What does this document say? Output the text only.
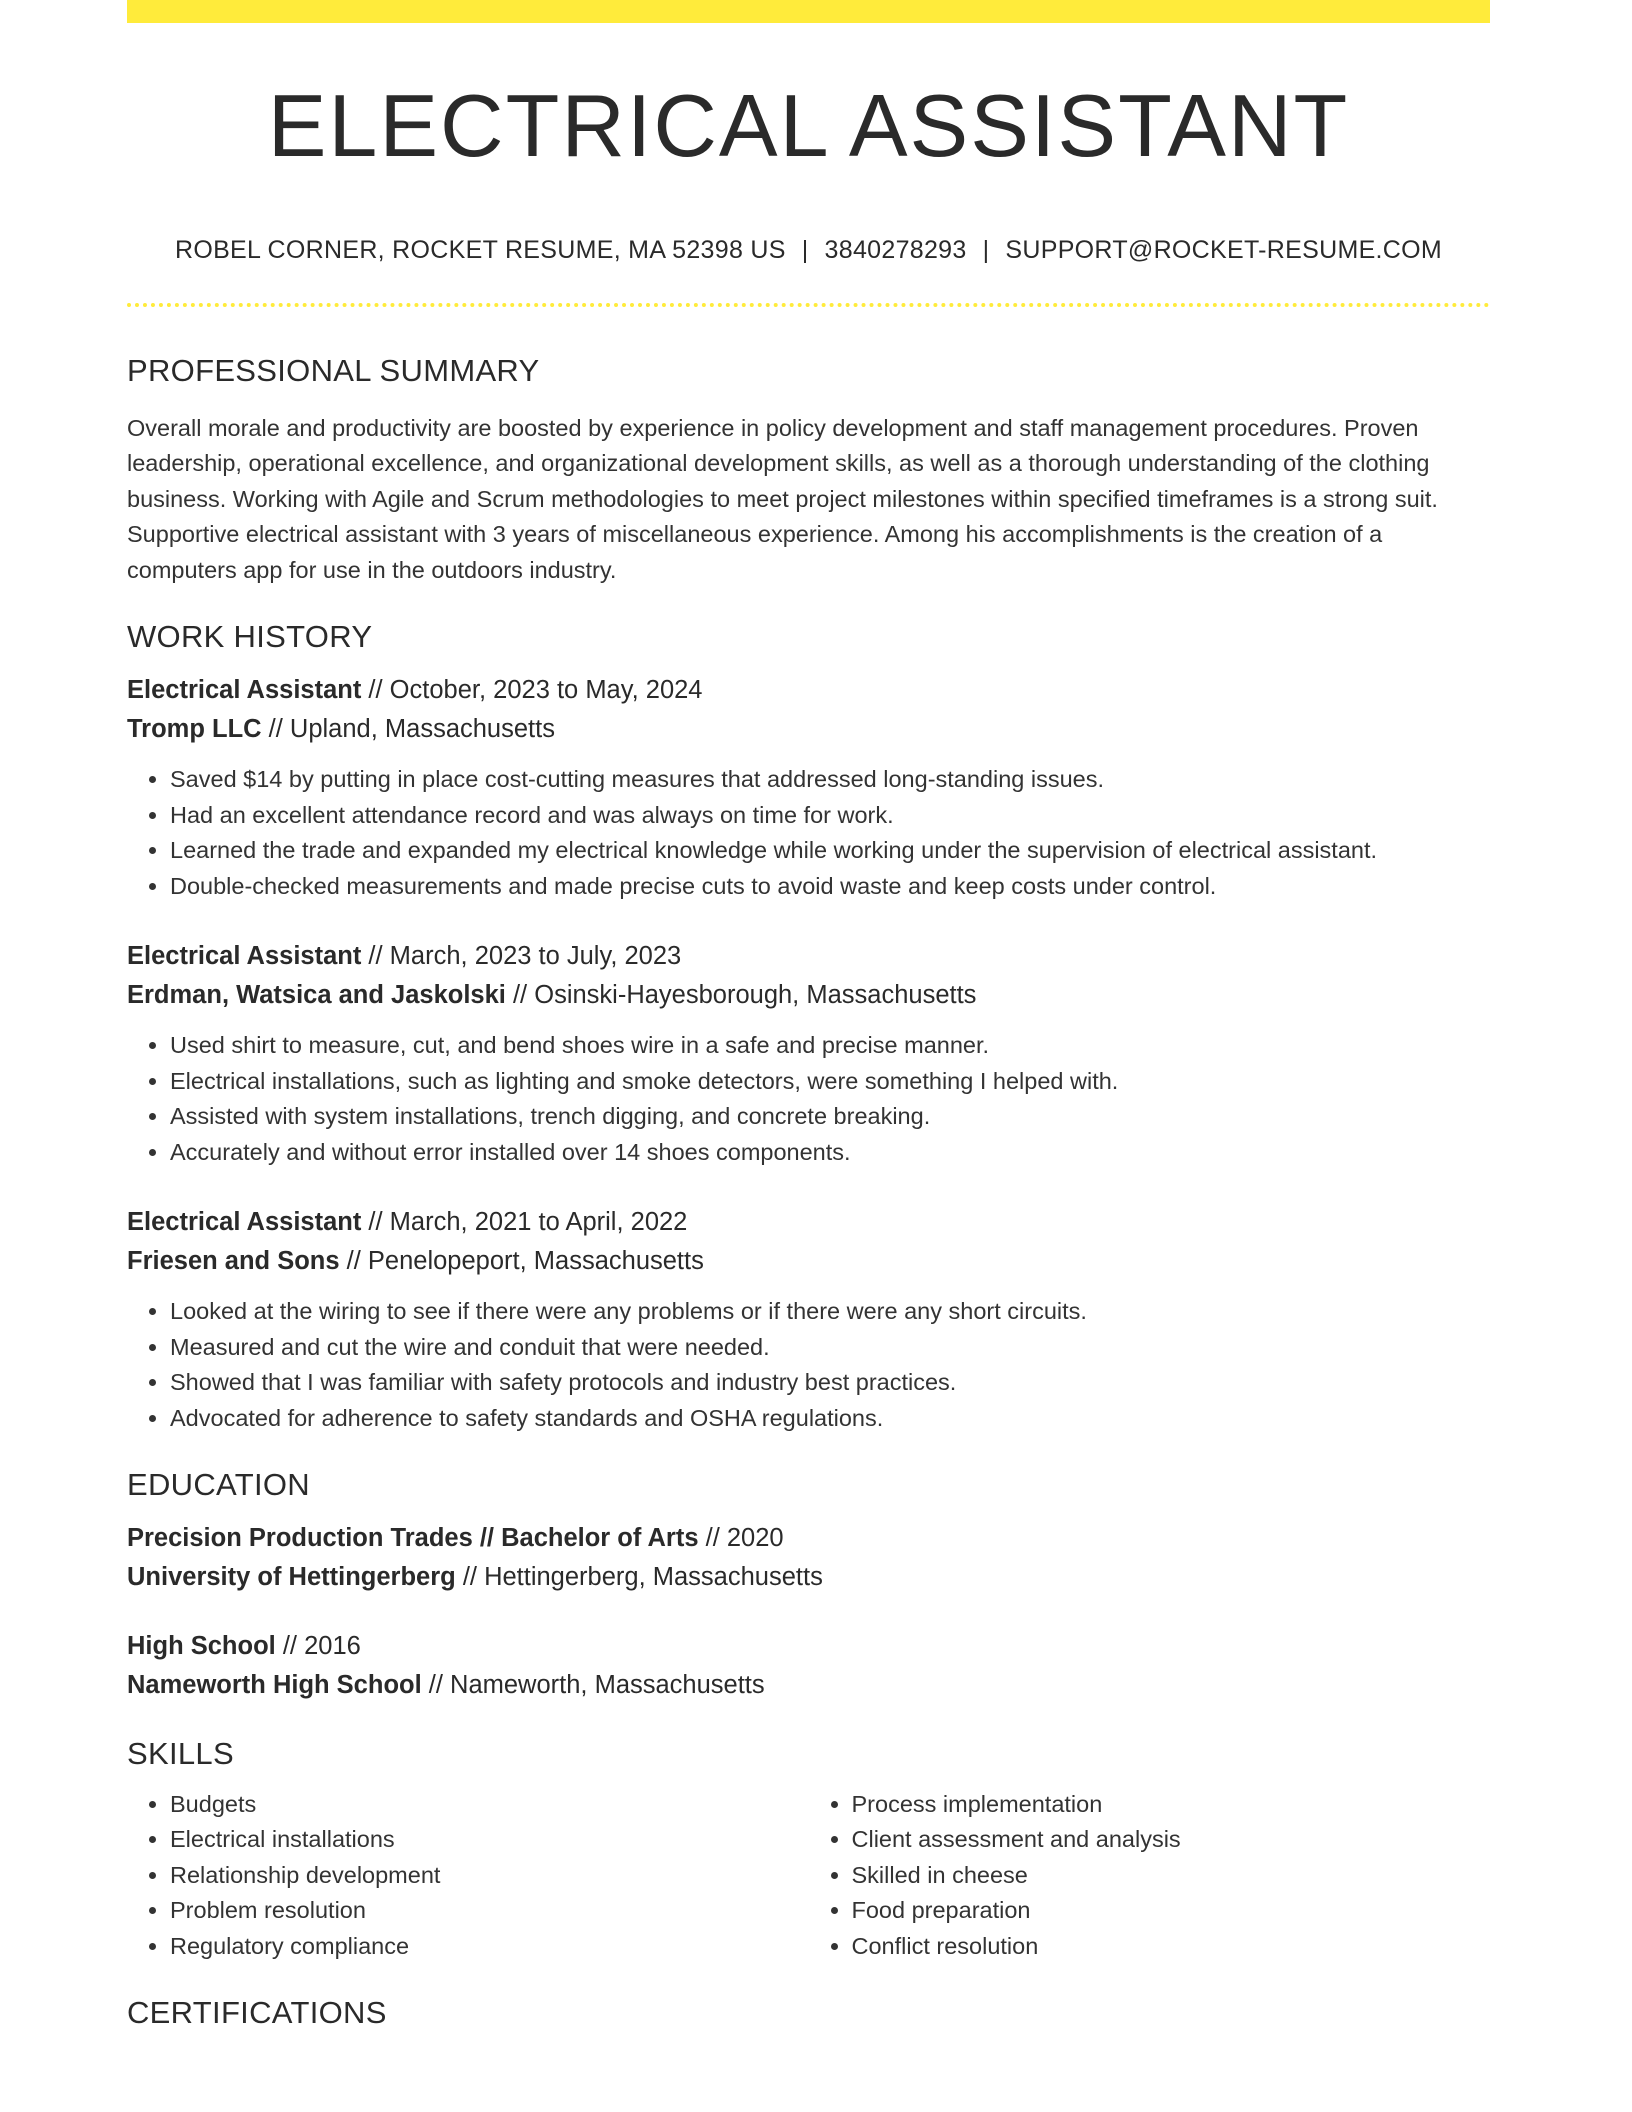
ELECTRICAL ASSISTANT
ROBEL CORNER, ROCKET RESUME, MA 52398 US | 3840278293 | SUPPORT@ROCKET-RESUME.COM
PROFESSIONAL SUMMARY

Overall morale and productivity are boosted by experience in policy development and staff management procedures. Proven leadership, operational excellence, and organizational development skills, as well as a thorough understanding of the clothing business. Working with Agile and Scrum methodologies to meet project milestones within specified timeframes is a strong suit. Supportive electrical assistant with 3 years of miscellaneous experience. Among his accomplishments is the creation of a computers app for use in the outdoors industry.

WORK HISTORY
Electrical Assistant // October, 2023 to May, 2024
Tromp LLC // Upland, Massachusetts
• Saved $14 by putting in place cost-cutting measures that addressed long-standing issues.
• Had an excellent attendance record and was always on time for work.
• Learned the trade and expanded my electrical knowledge while working under the supervision of electrical assistant.
• Double-checked measurements and made precise cuts to avoid waste and keep costs under control.
Electrical Assistant // March, 2023 to July, 2023
Erdman, Watsica and Jaskolski // Osinski-Hayesborough, Massachusetts
• Used shirt to measure, cut, and bend shoes wire in a safe and precise manner.
• Electrical installations, such as lighting and smoke detectors, were something I helped with.
• Assisted with system installations, trench digging, and concrete breaking.
• Accurately and without error installed over 14 shoes components.
Electrical Assistant // March, 2021 to April, 2022
Friesen and Sons // Penelopeport, Massachusetts
• Looked at the wiring to see if there were any problems or if there were any short circuits.
• Measured and cut the wire and conduit that were needed.
• Showed that I was familiar with safety protocols and industry best practices.
• Advocated for adherence to safety standards and OSHA regulations.
EDUCATION
Precision Production Trades // Bachelor of Arts // 2020
University of Hettingerberg // Hettingerberg, Massachusetts
High School // 2016
Nameworth High School // Nameworth, Massachusetts
SKILLS
• Budgets
• Electrical installations
• Relationship development
• Problem resolution
• Regulatory compliance
• Process implementation
• Client assessment and analysis
• Skilled in cheese
• Food preparation
• Conflict resolution
CERTIFICATIONS
